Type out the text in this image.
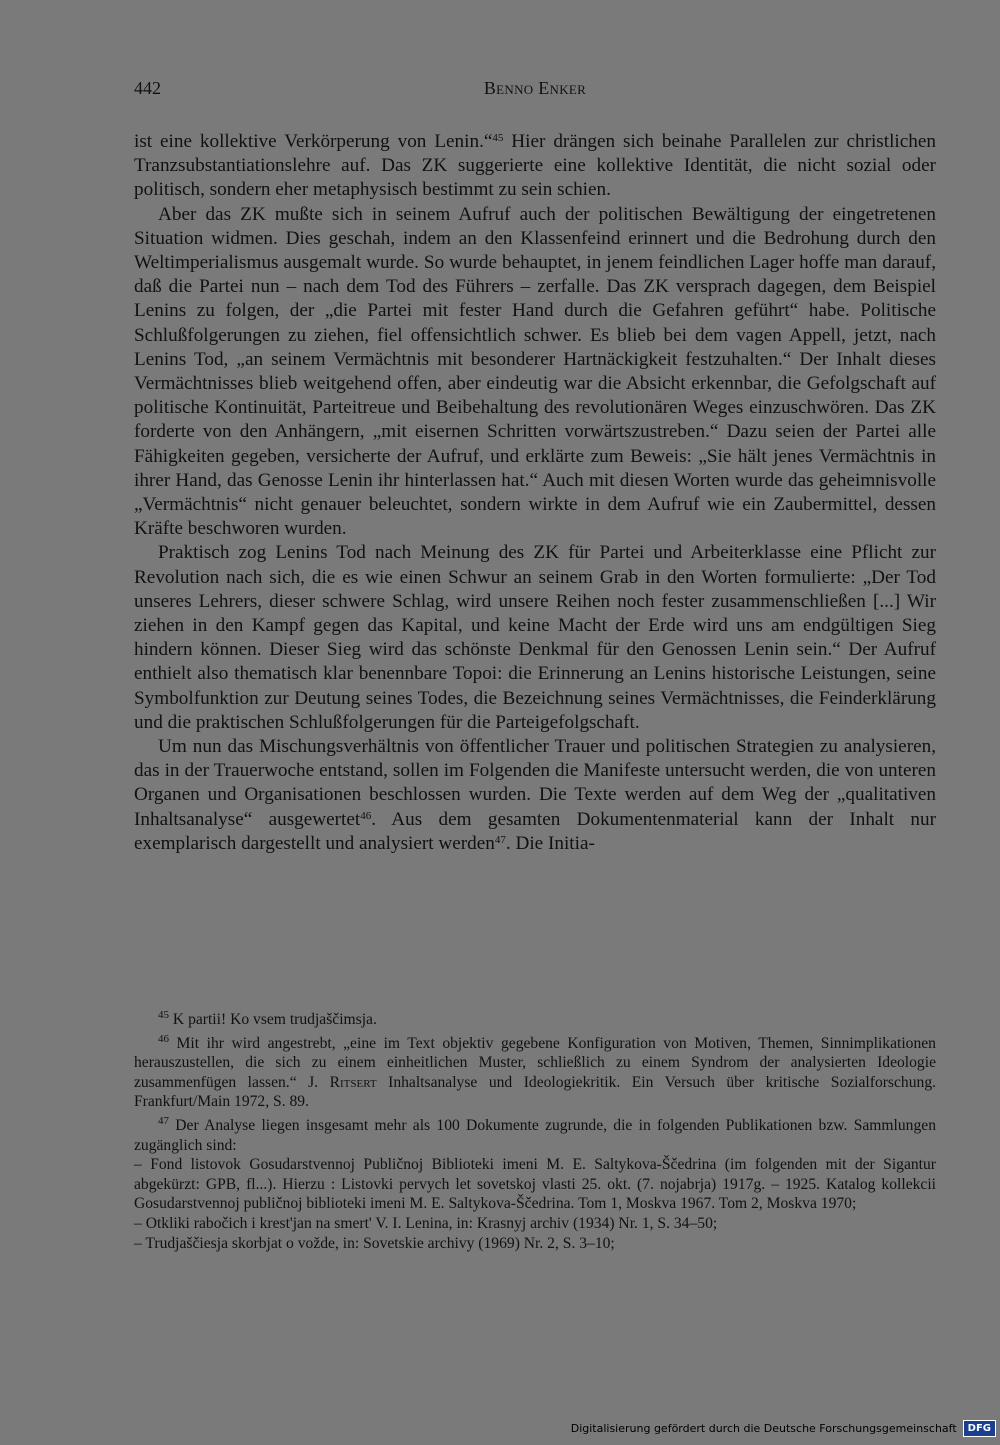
442	Benno Enker

ist eine kollektive Verkörperung von Lenin.“$^{45}$ Hier drängen sich beinahe Parallelen zur christlichen Tranzsubstantiationslehre auf. Das ZK suggerierte eine kollektive Identität, die nicht sozial oder politisch, sondern eher metaphysisch bestimmt zu sein schien.

Aber das ZK mußte sich in seinem Aufruf auch der politischen Bewältigung der eingetretenen Situation widmen. Dies geschah, indem an den Klassenfeind erinnert und die Bedrohung durch den Weltimperialismus ausgemalt wurde. So wurde behauptet, in jenem feindlichen Lager hoffe man darauf, daß die Partei nun – nach dem Tod des Führers – zerfalle. Das ZK versprach dagegen, dem Beispiel Lenins zu folgen, der „die Partei mit fester Hand durch die Gefahren geführt“ habe. Politische Schlußfolgerungen zu ziehen, fiel offensichtlich schwer. Es blieb bei dem vagen Appell, jetzt, nach Lenins Tod, „an seinem Vermächtnis mit besonderer Hartnäckigkeit festzuhalten.“ Der Inhalt dieses Vermächtnisses blieb weitgehend offen, aber eindeutig war die Absicht erkennbar, die Gefolgschaft auf politische Kontinuität, Parteitreue und Beibehaltung des revolutionären Weges einzuschwören. Das ZK forderte von den Anhängern, „mit eisernen Schritten vorwärtszustreben.“ Dazu seien der Partei alle Fähigkeiten gegeben, versicherte der Aufruf, und erklärte zum Beweis: „Sie hält jenes Vermächtnis in ihrer Hand, das Genosse Lenin ihr hinterlassen hat.“ Auch mit diesen Worten wurde das geheimnisvolle „Vermächtnis“ nicht genauer beleuchtet, sondern wirkte in dem Aufruf wie ein Zaubermittel, dessen Kräfte beschworen wurden.

Praktisch zog Lenins Tod nach Meinung des ZK für Partei und Arbeiterklasse eine Pflicht zur Revolution nach sich, die es wie einen Schwur an seinem Grab in den Worten formulierte: „Der Tod unseres Lehrers, dieser schwere Schlag, wird unsere Reihen noch fester zusammenschließen [...] Wir ziehen in den Kampf gegen das Kapital, und keine Macht der Erde wird uns am endgültigen Sieg hindern können. Dieser Sieg wird das schönste Denkmal für den Genossen Lenin sein.“ Der Aufruf enthielt also thematisch klar benennbare Topoi: die Erinnerung an Lenins historische Leistungen, seine Symbolfunktion zur Deutung seines Todes, die Bezeichnung seines Vermächtnisses, die Feinderklärung und die praktischen Schlußfolgerungen für die Parteigefolgschaft.

Um nun das Mischungsverhältnis von öffentlicher Trauer und politischen Strategien zu analysieren, das in der Trauerwoche entstand, sollen im Folgenden die Manifeste untersucht werden, die von unteren Organen und Organisationen beschlossen wurden. Die Texte werden auf dem Weg der „qualitativen Inhaltsanalyse“ ausgewertet$^{46}$. Aus dem gesamten Dokumentenmaterial kann der Inhalt nur exemplarisch dargestellt und analysiert werden$^{47}$. Die Initia-

$^{45}$ K partii! Ko vsem trudjaščimsja.

$^{46}$ Mit ihr wird angestrebt, „eine im Text objektiv gegebene Konfiguration von Motiven, Themen, Sinnimplikationen herauszustellen, die sich zu einem einheitlichen Muster, schließlich zu einem Syndrom der analysierten Ideologie zusammenfügen lassen.“ J. Ritsert Inhaltsanalyse und Ideologiekritik. Ein Versuch über kritische Sozialforschung. Frankfurt/Main 1972, S. 89.

$^{47}$ Der Analyse liegen insgesamt mehr als 100 Dokumente zugrunde, die in folgenden Publikationen bzw. Sammlungen zugänglich sind:

– Fond listovok Gosudarstvennoj Publičnoj Biblioteki imeni M. E. Saltykova-Ščedrina (im folgenden mit der Sigantur abgekürzt: GPB, fl...). Hierzu : Listovki pervych let sovetskoj vlasti 25. okt. (7. nojabrja) 1917g. – 1925. Katalog kollekcii Gosudarstvennoj publičnoj biblioteki imeni M. E. Saltykova-Ščedrina. Tom 1, Moskva 1967. Tom 2, Moskva 1970;

– Otkliki rabočich i krest'jan na smert' V. I. Lenina, in: Krasnyj archiv (1934) Nr. 1, S. 34–50;

– Trudjaščiesja skorbjat o vožde, in: Sovetskie archivy (1969) Nr. 2, S. 3–10;

Digitalisierung gefördert durch die Deutsche Forschungsgemeinschaft	DFG
